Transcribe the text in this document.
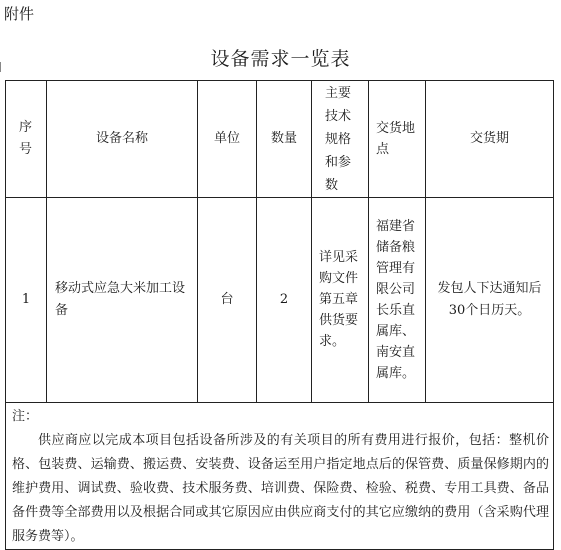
附件
设备需求一览表
序号	设备名称	单位	数量	主要技术规格和参数	交货地点	交货期
1	移动式应急大米加工设备	台	2	详见采购文件第五章供货要求。	福建省储备粮管理有限公司长乐直属库、南安直属库。	发包人下达通知后30个日历天。

注：
供应商应以完成本项目包括设备所涉及的有关项目的所有费用进行报价，包括：整机价格、包装费、运输费、搬运费、安装费、设备运至用户指定地点后的保管费、质量保修期内的维护费用、调试费、验收费、技术服务费、培训费、保险费、检验、税费、专用工具费、备品备件费等全部费用以及根据合同或其它原因应由供应商支付的其它应缴纳的费用（含采购代理服务费等）。						
